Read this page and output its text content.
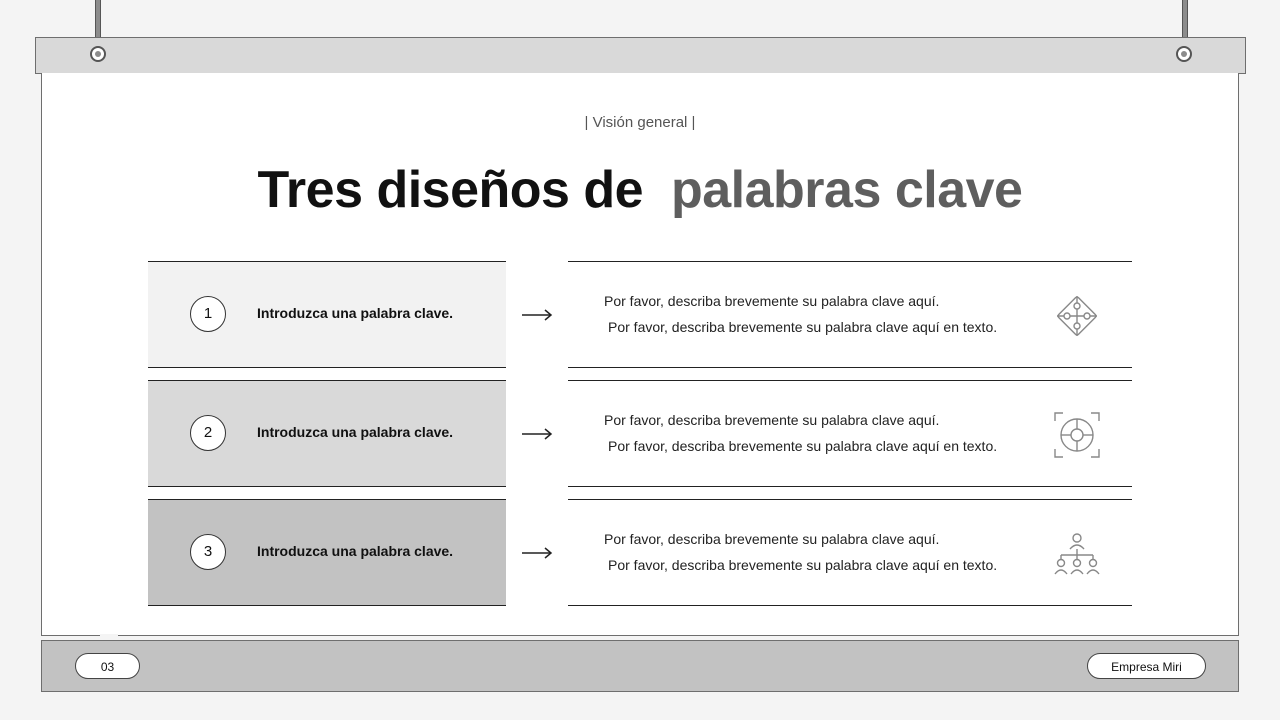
| Visión general |
Tres diseños de palabras clave
1	Introduzca una palabra clave.
Por favor, describa brevemente su palabra clave aquí.
Por favor, describa brevemente su palabra clave aquí en texto.
2	Introduzca una palabra clave.
Por favor, describa brevemente su palabra clave aquí.
Por favor, describa brevemente su palabra clave aquí en texto.
3	Introduzca una palabra clave.
Por favor, describa brevemente su palabra clave aquí.
Por favor, describa brevemente su palabra clave aquí en texto.
03	Empresa Miri
